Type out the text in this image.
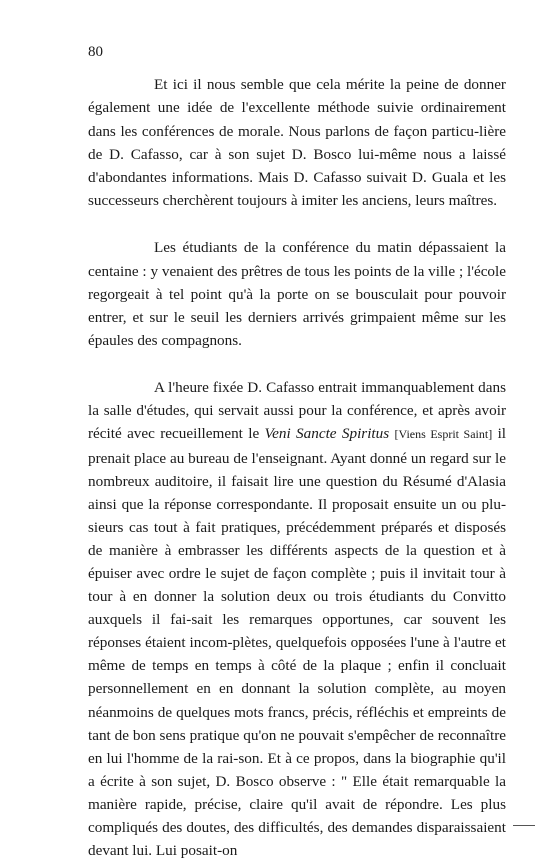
80

Et ici il nous semble que cela mérite la peine de donner également une idée de l'excellente méthode suivie ordinairement dans les conférences de morale. Nous parlons de façon particu-lière de D. Cafasso, car à son sujet D. Bosco lui-même nous a laissé d'abondantes informations. Mais D. Cafasso suivait D. Guala et les successeurs cherchèrent toujours à imiter les anciens, leurs maîtres.

Les étudiants de la conférence du matin dépassaient la centaine : y venaient des prêtres de tous les points de la ville ; l'école regorgeait à tel point qu'à la porte on se bousculait pour pouvoir entrer, et sur le seuil les derniers arrivés grimpaient même sur les épaules des compagnons.

A l'heure fixée D. Cafasso entrait immanquablement dans la salle d'études, qui servait aussi pour la conférence, et après avoir récité avec recueillement le Veni Sancte Spiritus [Viens Esprit Saint] il prenait place au bureau de l'enseignant. Ayant donné un regard sur le nombreux auditoire, il faisait lire une question du Résumé d'Alasia ainsi que la réponse correspondante. Il proposait ensuite un ou plu-sieurs cas tout à fait pratiques, précédemment préparés et disposés de manière à embrasser les différents aspects de la question et à épuiser avec ordre le sujet de façon complète ; puis il invitait tour à tour à en donner la solution deux ou trois étudiants du Convitto auxquels il fai-sait les remarques opportunes, car souvent les réponses étaient incom-plètes, quelquefois opposées l'une à l'autre et même de temps en temps à côté de la plaque ; enfin il concluait personnellement en en donnant la solution complète, au moyen néanmoins de quelques mots francs, précis, réfléchis et empreints de tant de bon sens pratique qu'on ne pouvait s'empêcher de reconnaître en lui l'homme de la rai-son. Et à ce propos, dans la biographie qu'il a écrite à son sujet, D. Bosco observe : " Elle était remarquable la manière rapide, précise, claire qu'il avait de répondre. Les plus compliqués des doutes, des difficultés, des demandes disparaissaient devant lui. Lui posait-on
